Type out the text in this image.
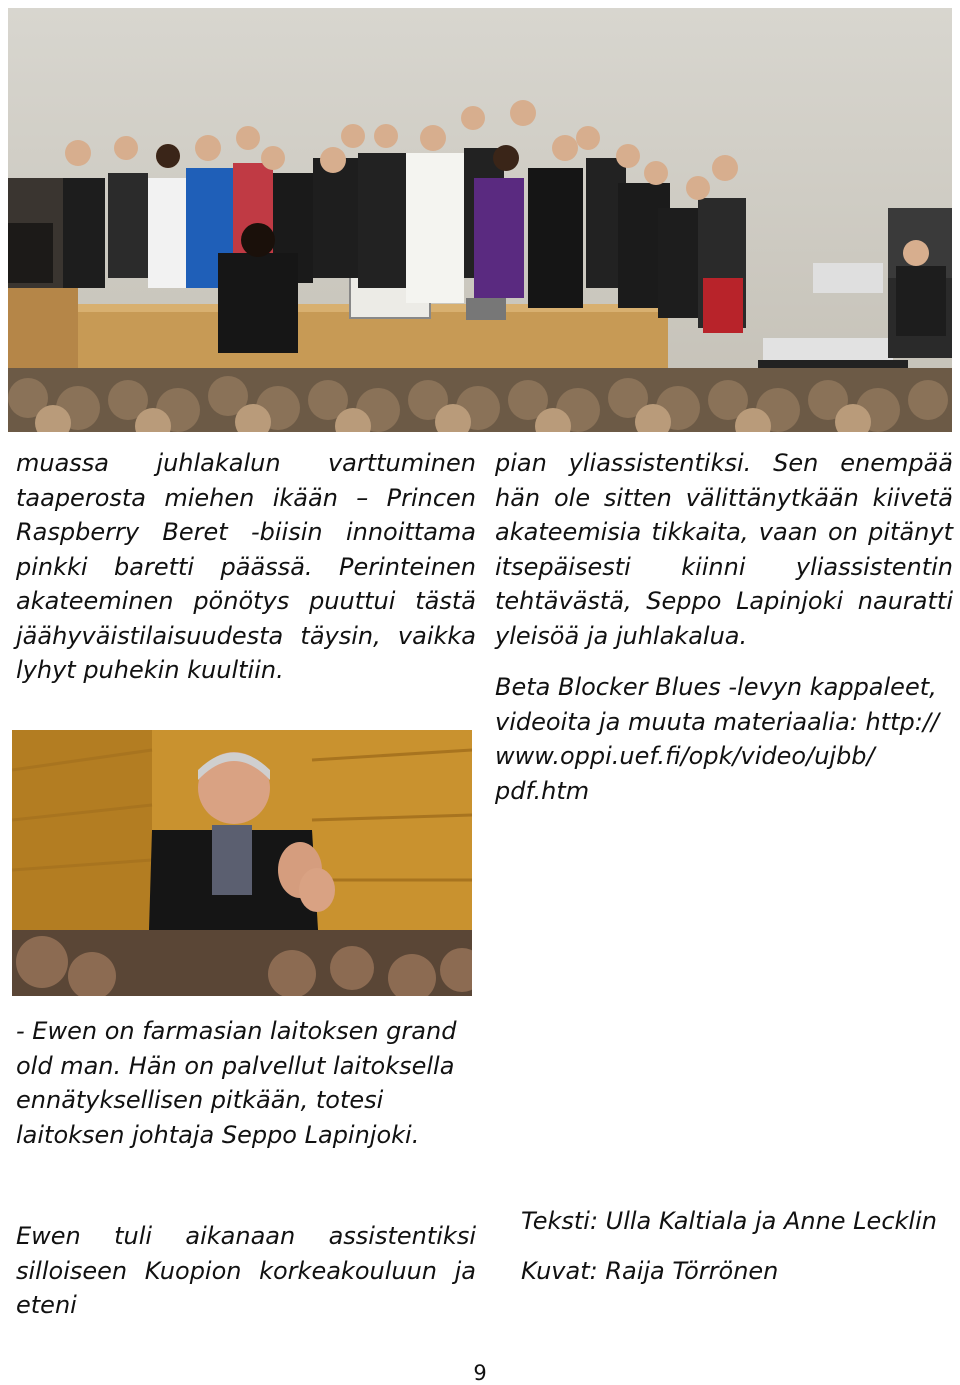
muassa juhlakalun varttuminen taaperosta miehen ikään – Princen Raspberry Beret -biisin innoittama pinkki baretti päässä. Perinteinen akateeminen pönötys puuttui tästä jäähyväistilaisuudesta täysin, vaikka lyhyt puhekin kuultiin.

pian yliassistentiksi. Sen enempää hän ole sitten välittänytkään kiivetä akateemisia tikkaita, vaan on pitänyt itsepäisesti kiinni yliassistentin tehtävästä, Seppo Lapinjoki nauratti yleisöä ja juhlakalua.

Beta Blocker Blues -levyn kappaleet, videoita ja muuta materiaalia: http:// www.oppi.uef.fi/opk/video/ujbb/ pdf.htm

- Ewen on farmasian laitoksen grand old man. Hän on palvellut laitoksella ennätyksellisen pitkään, totesi laitoksen johtaja Seppo Lapinjoki.

Ewen tuli aikanaan assistentiksi silloiseen Kuopion korkeakouluun ja eteni

Teksti: Ulla Kaltiala ja Anne Lecklin

Kuvat: Raija Törrönen

9
